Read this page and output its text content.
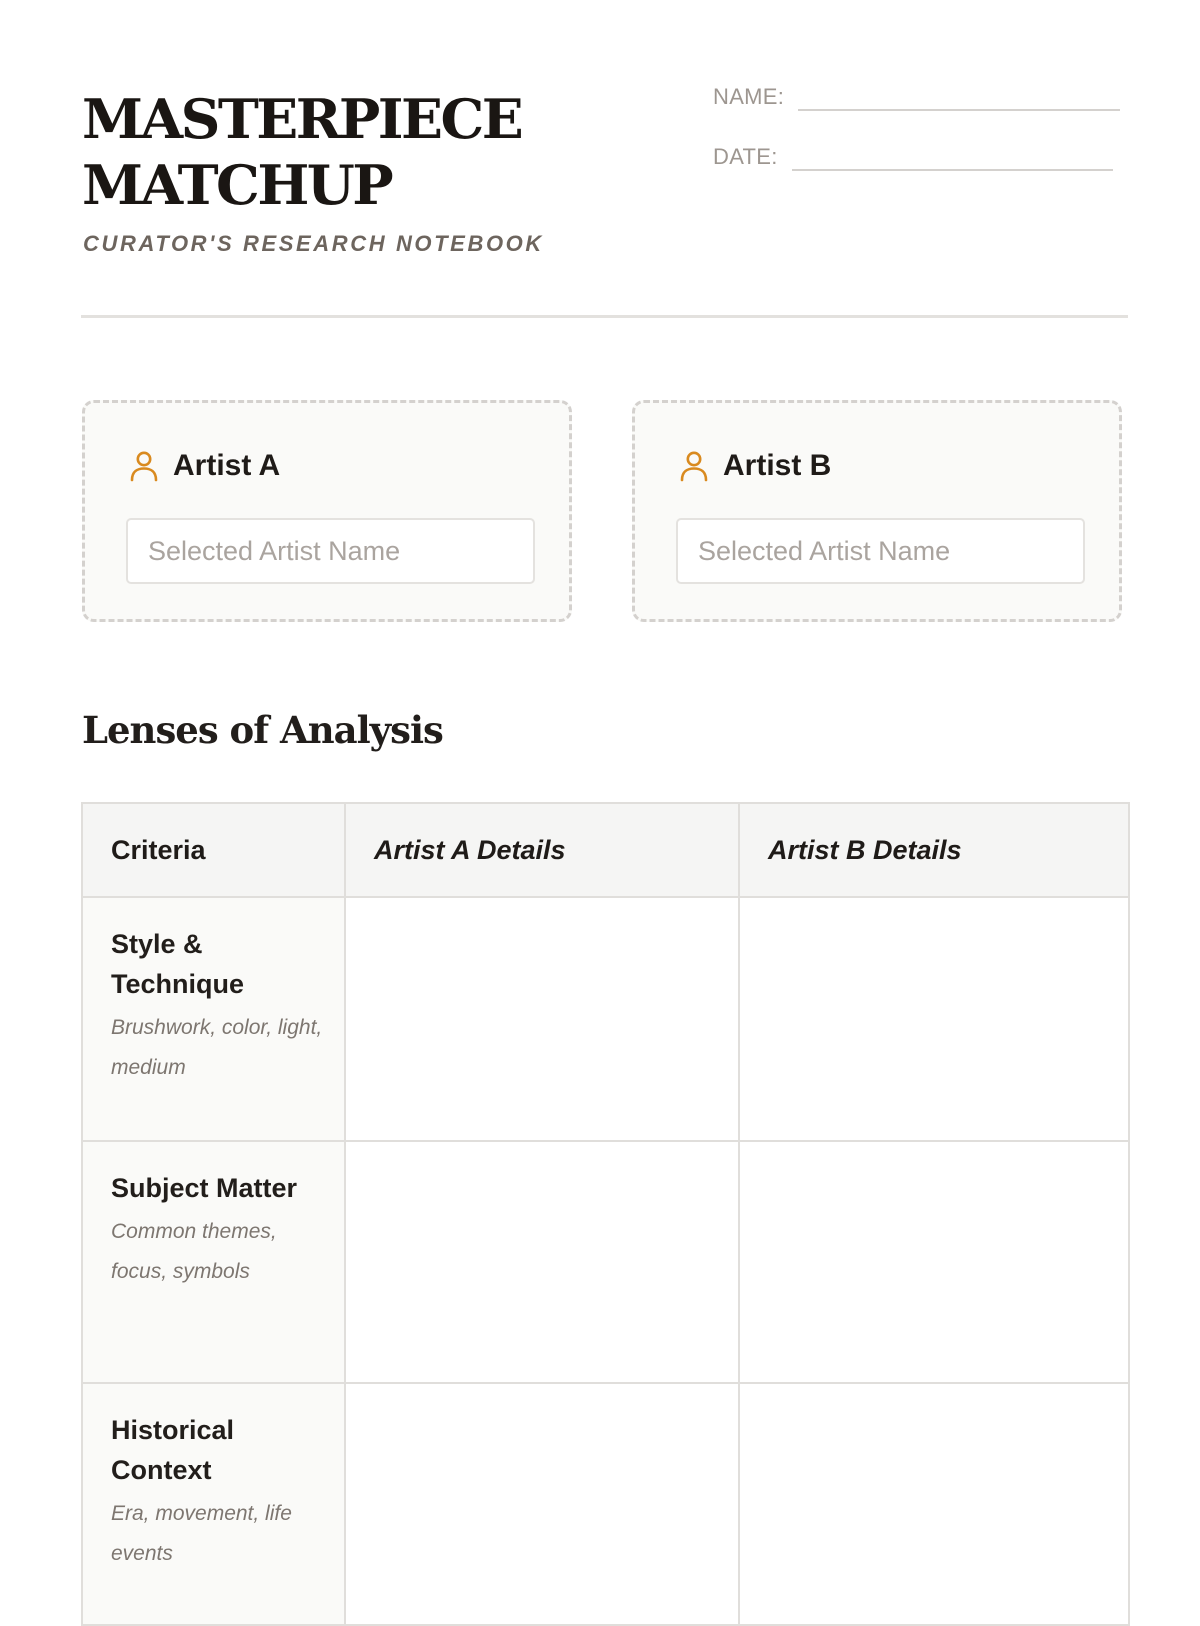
MASTERPIECE
MATCHUP
CURATOR'S RESEARCH NOTEBOOK
NAME:
DATE:
Artist A
Selected Artist Name	Artist B
Selected Artist Name
Lenses of Analysis
Criteria	Artist A Details	Artist B Details

Style & Technique
Brushwork, color, light, medium		

Subject Matter
Common themes, focus, symbols		

Historical Context
Era, movement, life events		
